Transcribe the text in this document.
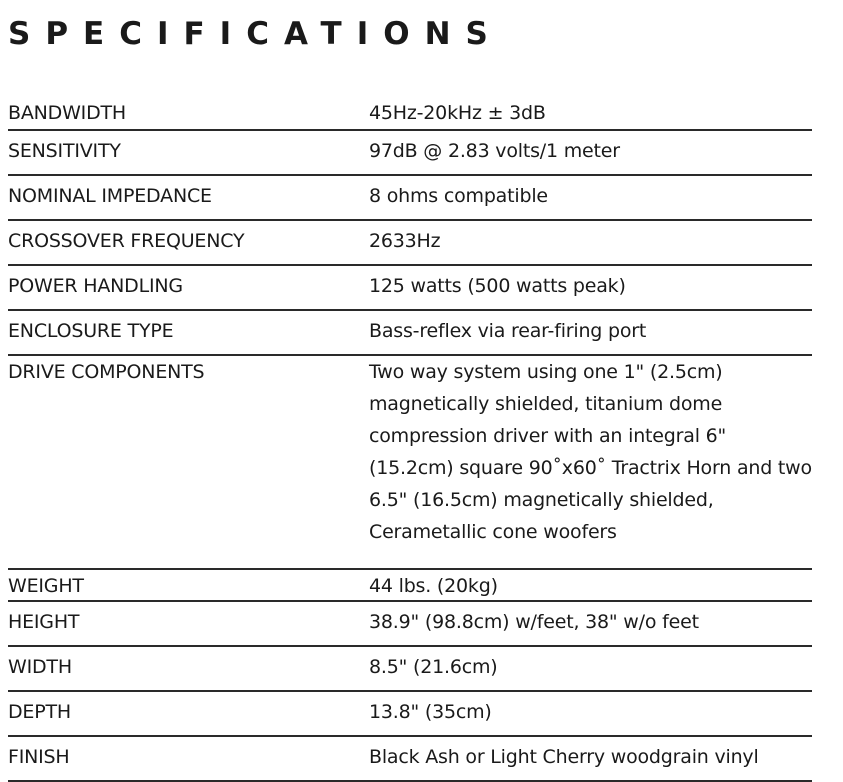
SPECIFICATIONS
BANDWIDTH	45Hz-20kHz ± 3dB
SENSITIVITY	97dB @ 2.83 volts/1 meter
NOMINAL IMPEDANCE	8 ohms compatible
CROSSOVER FREQUENCY	2633Hz
POWER HANDLING	125 watts (500 watts peak)
ENCLOSURE TYPE	Bass-reflex via rear-firing port
DRIVE COMPONENTS	Two way system using one 1" (2.5cm) magnetically shielded, titanium dome compression driver with an integral 6" (15.2cm) square 90˚x60˚ Tractrix Horn and two 6.5" (16.5cm) magnetically shielded, Cerametallic cone woofers
WEIGHT	44 lbs. (20kg)
HEIGHT	38.9" (98.8cm) w/feet, 38" w/o feet
WIDTH	8.5" (21.6cm)
DEPTH	13.8" (35cm)
FINISH	Black Ash or Light Cherry woodgrain vinyl
